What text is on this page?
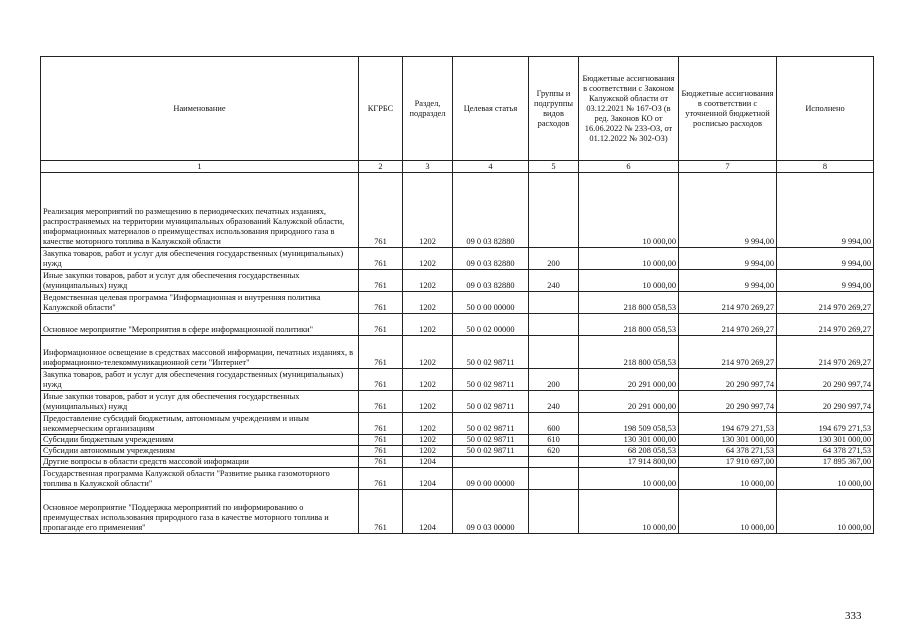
Наименование	КГРБС	Раздел, подраздел	Целевая статья	Группы и подгруппы видов расходов	Бюджетные ассигнования в соответствии с Законом Калужской области от 03.12.2021 № 167-ОЗ (в ред. Законов КО от 16.06.2022 № 233-ОЗ, от 01.12.2022 № 302-ОЗ)	Бюджетные ассигнования в соответствии с уточненной бюджетной росписью расходов	Исполнено
1	2	3	4	5	6	7	8
Реализация мероприятий по размещению в периодических печатных изданиях, распространяемых на территории муниципальных образований Калужской области, информационных материалов о преимуществах использования природного газа в качестве моторного топлива в Калужской области	761	1202	09 0 03 82880		10 000,00	9 994,00	9 994,00
Закупка товаров, работ и услуг для обеспечения государственных (муниципальных) нужд	761	1202	09 0 03 82880	200	10 000,00	9 994,00	9 994,00
Иные закупки товаров, работ и услуг для обеспечения государственных (муниципальных) нужд	761	1202	09 0 03 82880	240	10 000,00	9 994,00	9 994,00
Ведомственная целевая программа "Информационная и внутренняя политика Калужской области"	761	1202	50 0 00 00000		218 800 058,53	214 970 269,27	214 970 269,27
Основное мероприятие "Мероприятия в сфере информационной политики"	761	1202	50 0 02 00000		218 800 058,53	214 970 269,27	214 970 269,27
Информационное освещение в средствах массовой информации, печатных изданиях, в информационно-телекоммуникационной сети "Интернет"	761	1202	50 0 02 98711		218 800 058,53	214 970 269,27	214 970 269,27
Закупка товаров, работ и услуг для обеспечения государственных (муниципальных) нужд	761	1202	50 0 02 98711	200	20 291 000,00	20 290 997,74	20 290 997,74
Иные закупки товаров, работ и услуг для обеспечения государственных (муниципальных) нужд	761	1202	50 0 02 98711	240	20 291 000,00	20 290 997,74	20 290 997,74
Предоставление субсидий бюджетным, автономным учреждениям и иным некоммерческим организациям	761	1202	50 0 02 98711	600	198 509 058,53	194 679 271,53	194 679 271,53
Субсидии бюджетным учреждениям	761	1202	50 0 02 98711	610	130 301 000,00	130 301 000,00	130 301 000,00
Субсидии автономным учреждениям	761	1202	50 0 02 98711	620	68 208 058,53	64 378 271,53	64 378 271,53
Другие вопросы в области средств массовой информации	761	1204			17 914 800,00	17 910 697,00	17 895 367,00
Государственная программа Калужской области "Развитие рынка газомоторного топлива в Калужской области"	761	1204	09 0 00 00000		10 000,00	10 000,00	10 000,00
Основное мероприятие "Поддержка мероприятий по информированию о преимуществах использования природного газа в качестве моторного топлива и пропаганде его применения"	761	1204	09 0 03 00000		10 000,00	10 000,00	10 000,00
333
